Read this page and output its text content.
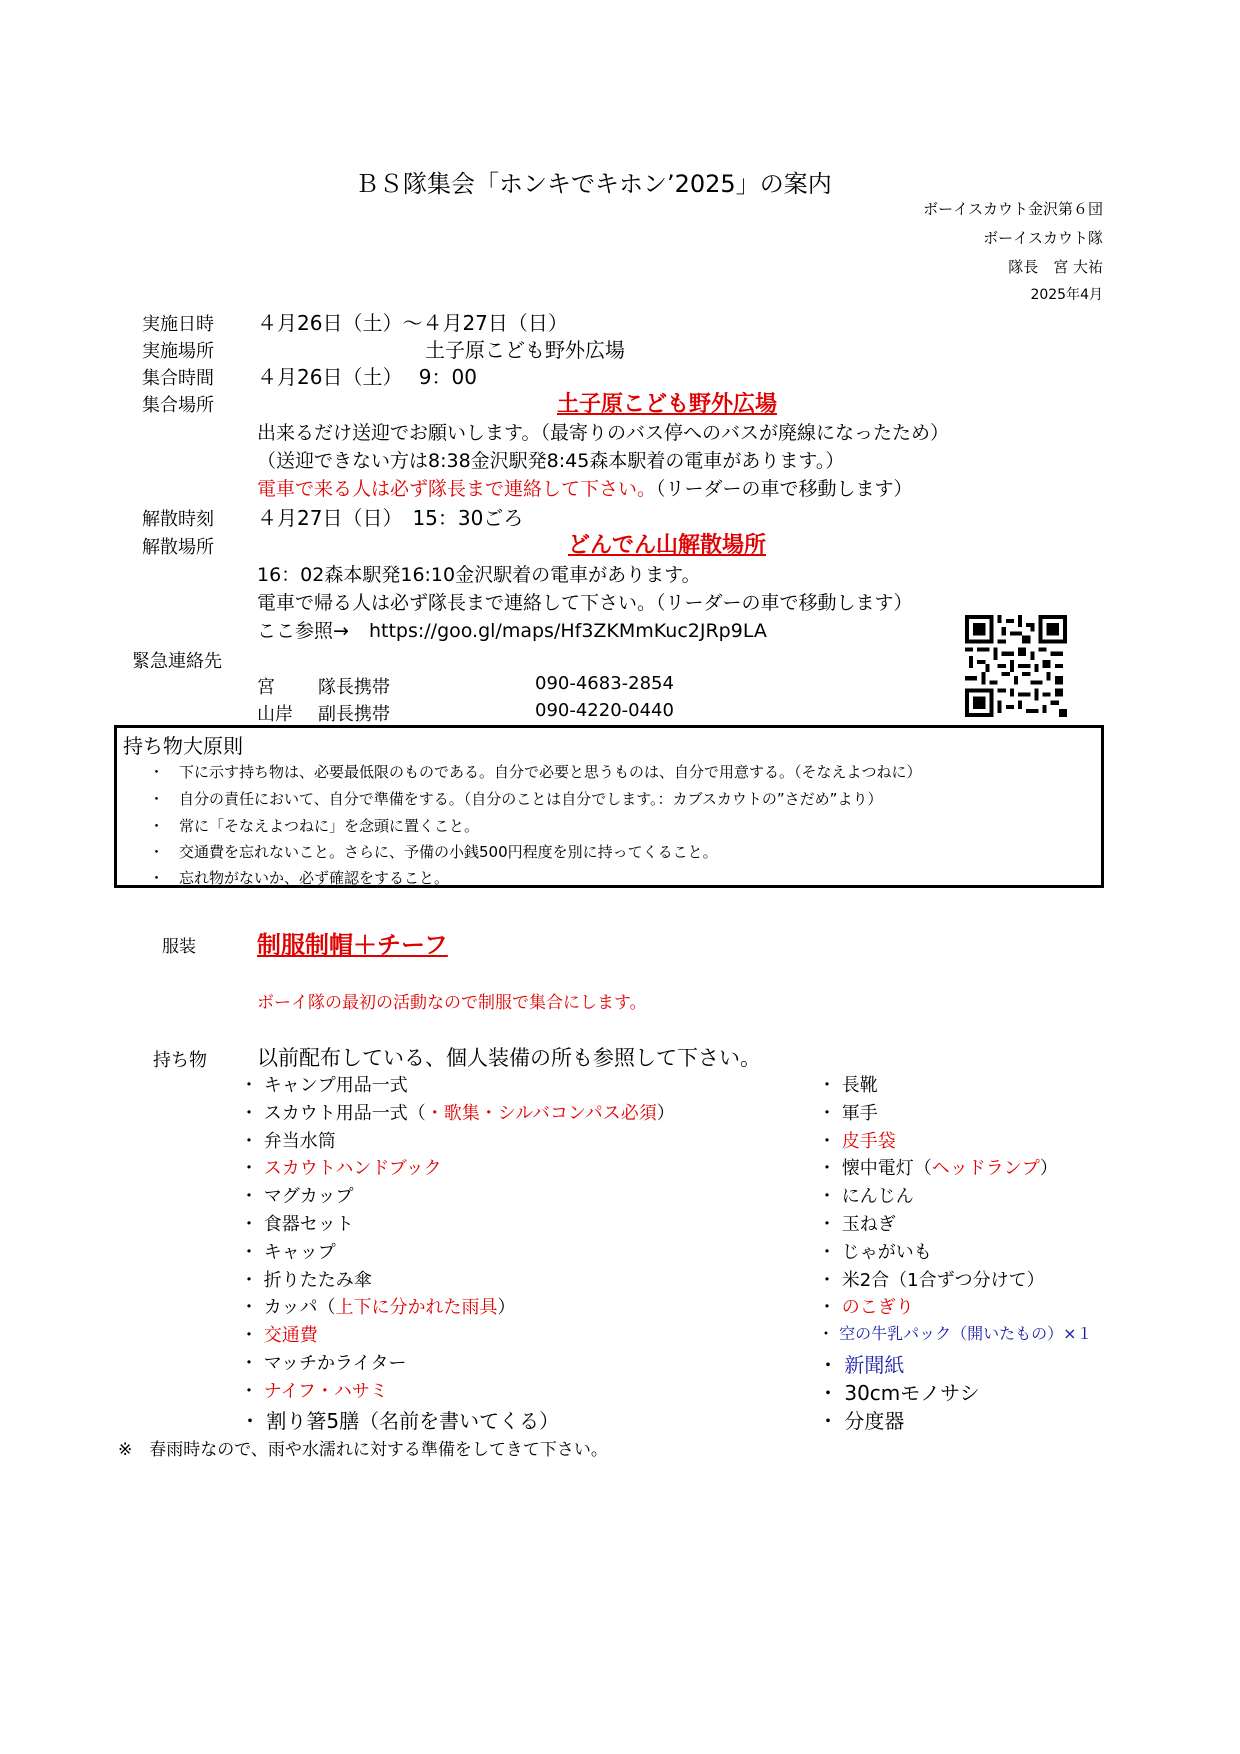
ＢＳ隊集会「ホンキでキホン’2025」の案内
ボーイスカウト金沢第６団
ボーイスカウト隊
隊長　宮 大祐
2025年4月
実施日時 ４月26日（土）～４月27日（日）
実施場所	土子原こども野外広場
集合時間 ４月26日（土）　 9：00
集合場所	土子原こども野外広場
出来るだけ送迎でお願いします。（最寄りのバス停へのバスが廃線になったため）
（送迎できない方は8:38金沢駅発8:45森本駅着の電車があります。）
電車で来る人は必ず隊長まで連絡して下さい。（リーダーの車で移動します）
解散時刻 ４月27日（日）　15：30ごろ
解散場所	どんでん山解散場所
16：02森本駅発16:10金沢駅着の電車があります。
電車で帰る人は必ず隊長まで連絡して下さい。（リーダーの車で移動します）
ここ参照→ https://goo.gl/maps/Hf3ZKMmKuc2JRp9LA
緊急連絡先
宮 隊長携帯	090-4683-2854
山岸 副長携帯	090-4220-0440
持ち物大原則
・　下に示す持ち物は、必要最低限のものである。自分で必要と思うものは、自分で用意する。（そなえよつねに）
・　自分の責任において、自分で準備をする。（自分のことは自分でします。：カブスカウトの”さだめ”より）
・　常に「そなえよつねに」を念頭に置くこと。
・　交通費を忘れないこと。さらに、予備の小銭500円程度を別に持ってくること。
・　忘れ物がないか、必ず確認をすること。
服装	制服制帽＋チーフ
ボーイ隊の最初の活動なので制服で集合にします。
持ち物 以前配布している、個人装備の所も参照して下さい。
・ キャンプ用品一式
・ スカウト用品一式（・歌集・シルバコンパス必須）
・ 弁当水筒
・ スカウトハンドブック
・ マグカップ
・ 食器セット
・ キャップ
・ 折りたたみ傘
・ カッパ（上下に分かれた雨具）
・ 交通費
・ マッチかライター
・ ナイフ・ハサミ
・ 割り箸5膳（名前を書いてくる）
・ 長靴
・ 軍手
・ 皮手袋
・ 懐中電灯（ヘッドランプ）
・ にんじん
・ 玉ねぎ
・ じゃがいも
・ 米2合（1合ずつ分けて）
・ のこぎり
・ 空の牛乳パック（開いたもの）×１
・ 新聞紙
・ 30cmモノサシ
・ 分度器
※　春雨時なので、雨や水濡れに対する準備をしてきて下さい。
